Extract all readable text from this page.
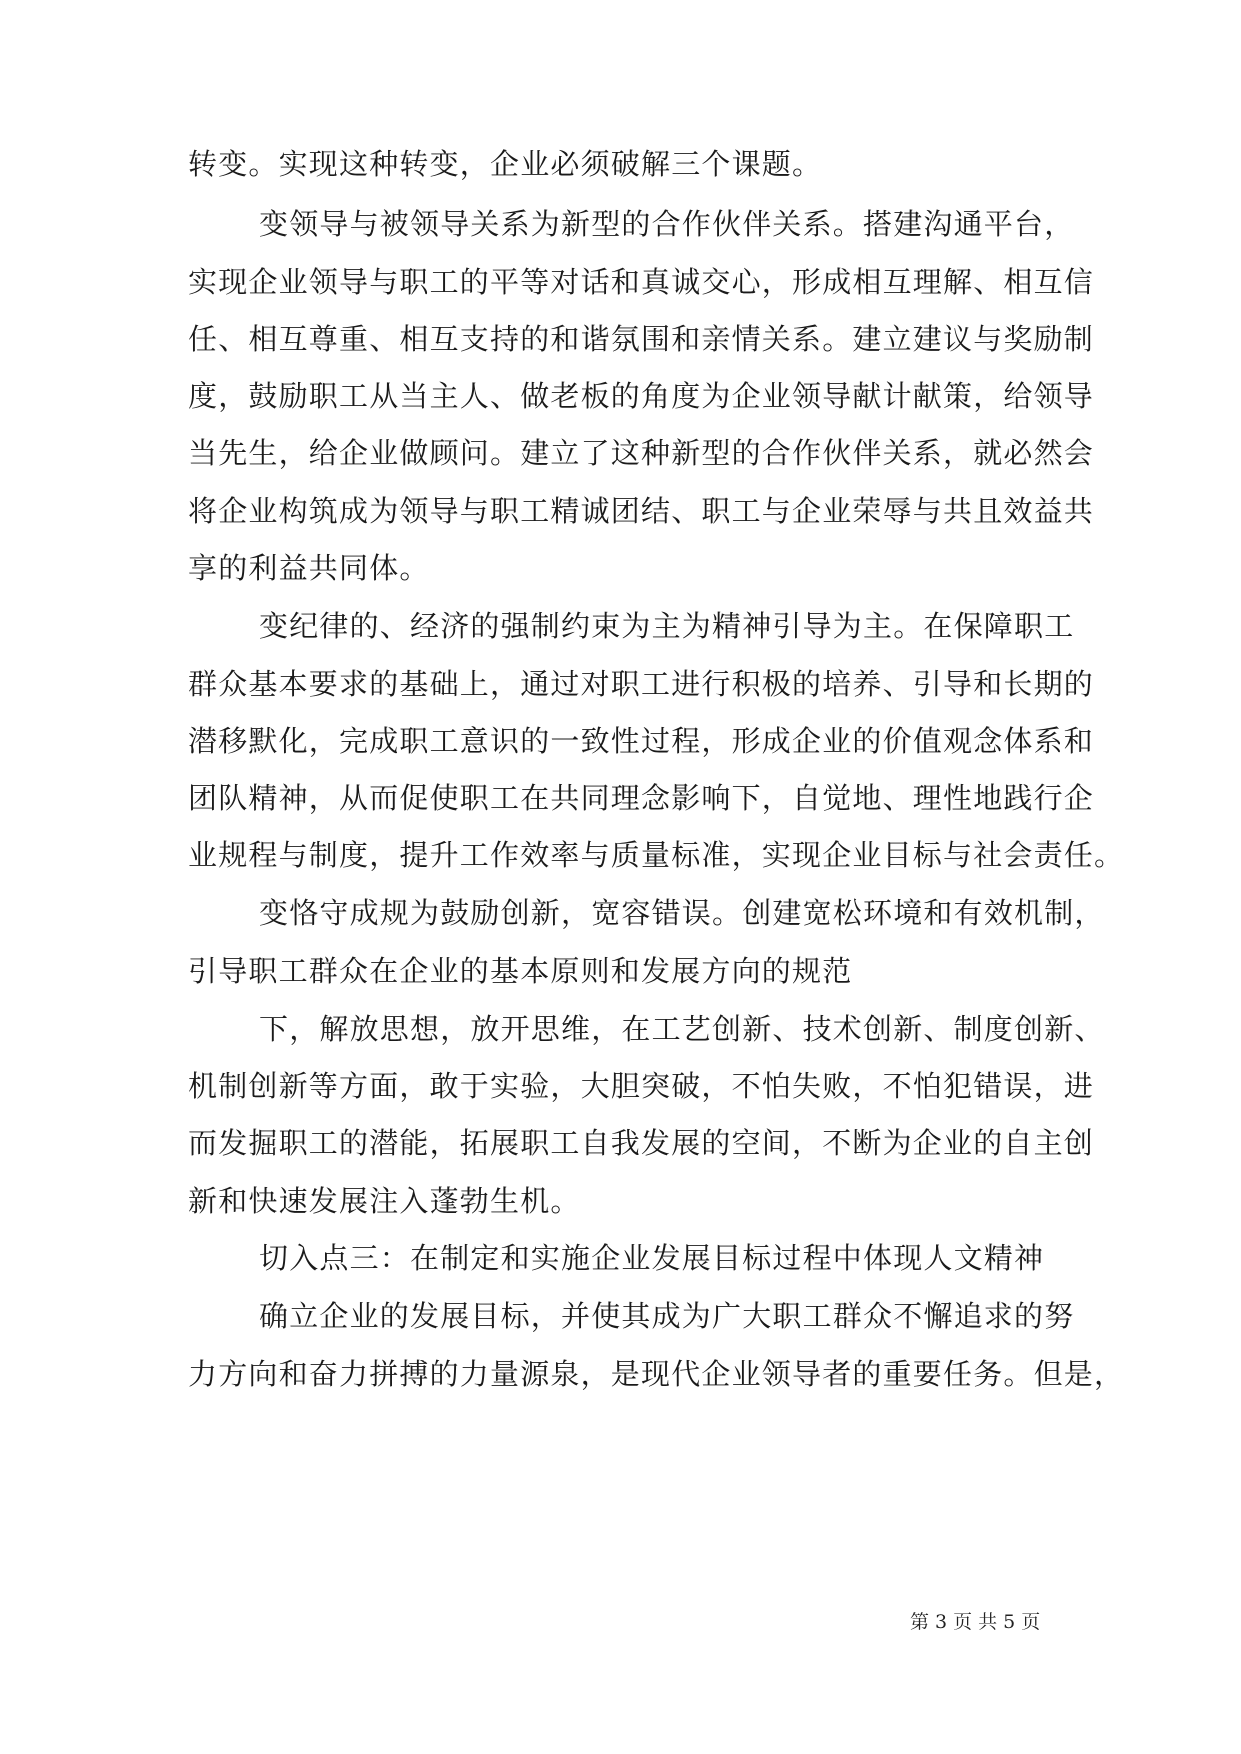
转变。实现这种转变，企业必须破解三个课题。
变领导与被领导关系为新型的合作伙伴关系。搭建沟通平台，
实现企业领导与职工的平等对话和真诚交心，形成相互理解、相互信
任、相互尊重、相互支持的和谐氛围和亲情关系。建立建议与奖励制
度，鼓励职工从当主人、做老板的角度为企业领导献计献策，给领导
当先生，给企业做顾问。建立了这种新型的合作伙伴关系，就必然会
将企业构筑成为领导与职工精诚团结、职工与企业荣辱与共且效益共
享的利益共同体。
变纪律的、经济的强制约束为主为精神引导为主。在保障职工
群众基本要求的基础上，通过对职工进行积极的培养、引导和长期的
潜移默化，完成职工意识的一致性过程，形成企业的价值观念体系和
团队精神，从而促使职工在共同理念影响下，自觉地、理性地践行企
业规程与制度，提升工作效率与质量标准，实现企业目标与社会责任。
变恪守成规为鼓励创新，宽容错误。创建宽松环境和有效机制，
引导职工群众在企业的基本原则和发展方向的规范
下，解放思想，放开思维，在工艺创新、技术创新、制度创新、
机制创新等方面，敢于实验，大胆突破，不怕失败，不怕犯错误，进
而发掘职工的潜能，拓展职工自我发展的空间，不断为企业的自主创
新和快速发展注入蓬勃生机。
切入点三：在制定和实施企业发展目标过程中体现人文精神
确立企业的发展目标，并使其成为广大职工群众不懈追求的努
力方向和奋力拼搏的力量源泉，是现代企业领导者的重要任务。但是，
第 3 页 共 5 页
